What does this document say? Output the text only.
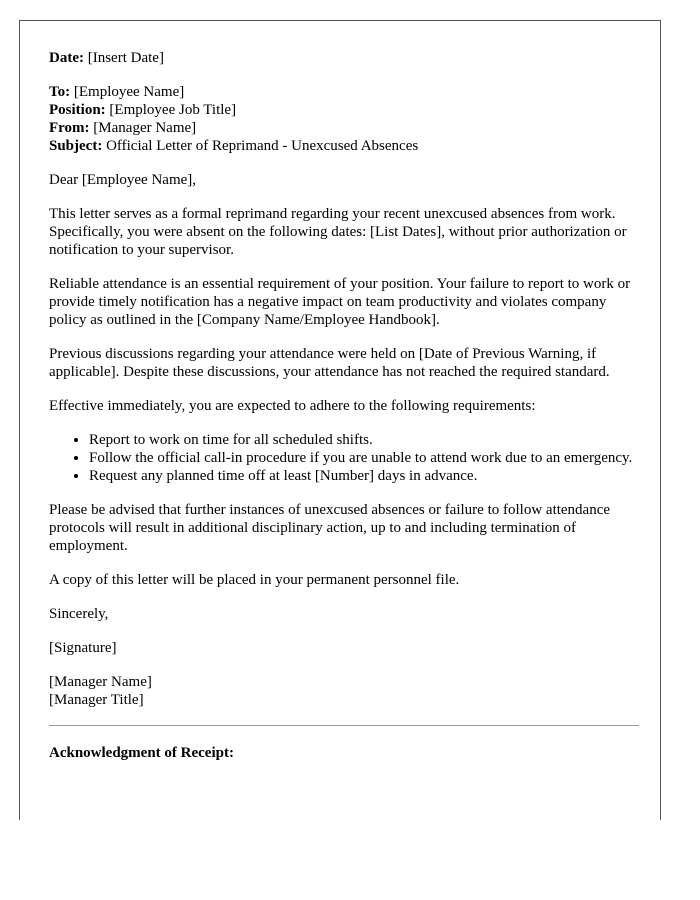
Date: [Insert Date]
To: [Employee Name]
Position: [Employee Job Title]
From: [Manager Name]
Subject: Official Letter of Reprimand - Unexcused Absences

Dear [Employee Name],

This letter serves as a formal reprimand regarding your recent unexcused absences from work. Specifically, you were absent on the following dates: [List Dates], without prior authorization or notification to your supervisor.

Reliable attendance is an essential requirement of your position. Your failure to report to work or provide timely notification has a negative impact on team productivity and violates company policy as outlined in the [Company Name/Employee Handbook].

Previous discussions regarding your attendance were held on [Date of Previous Warning, if applicable]. Despite these discussions, your attendance has not reached the required standard.

Effective immediately, you are expected to adhere to the following requirements:

• Report to work on time for all scheduled shifts.
• Follow the official call-in procedure if you are unable to attend work due to an emergency.
• Request any planned time off at least [Number] days in advance.

Please be advised that further instances of unexcused absences or failure to follow attendance protocols will result in additional disciplinary action, up to and including termination of employment.

A copy of this letter will be placed in your permanent personnel file.

Sincerely,

[Signature]

[Manager Name]
[Manager Title]
Acknowledgment of Receipt:
